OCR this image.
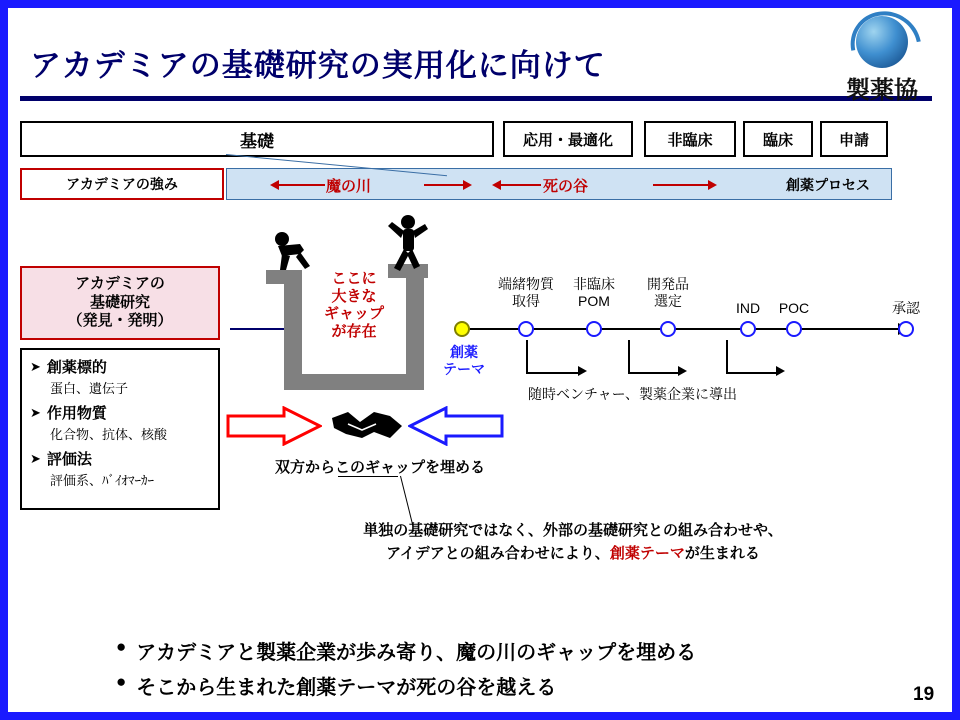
アカデミアの基礎研究の実用化に向けて
製薬協
基礎	応用・最適化	非臨床	臨床	申請
アカデミアの強み	魔の川	死の谷	創薬プロセス
アカデミアの
基礎研究
（発見・発明）
➤ 創薬標的
蛋白、遺伝子
➤ 作用物質
化合物、抗体、核酸
➤ 評価法
評価系、ﾊﾞｲｵﾏｰｶｰ
ここに
大きな
ギャップ
が存在
双方からこのギャップを埋める
単独の基礎研究ではなく、外部の基礎研究との組み合わせや、
アイデアとの組み合わせにより、創薬テーマが生まれる
創薬
テーマ
端緒物質
取得
非臨床
POM
開発品
選定	IND	POC	承認
随時ベンチャー、製薬企業に導出
● アカデミアと製薬企業が歩み寄り、魔の川のギャップを埋める
● そこから生まれた創薬テーマが死の谷を越える	19
